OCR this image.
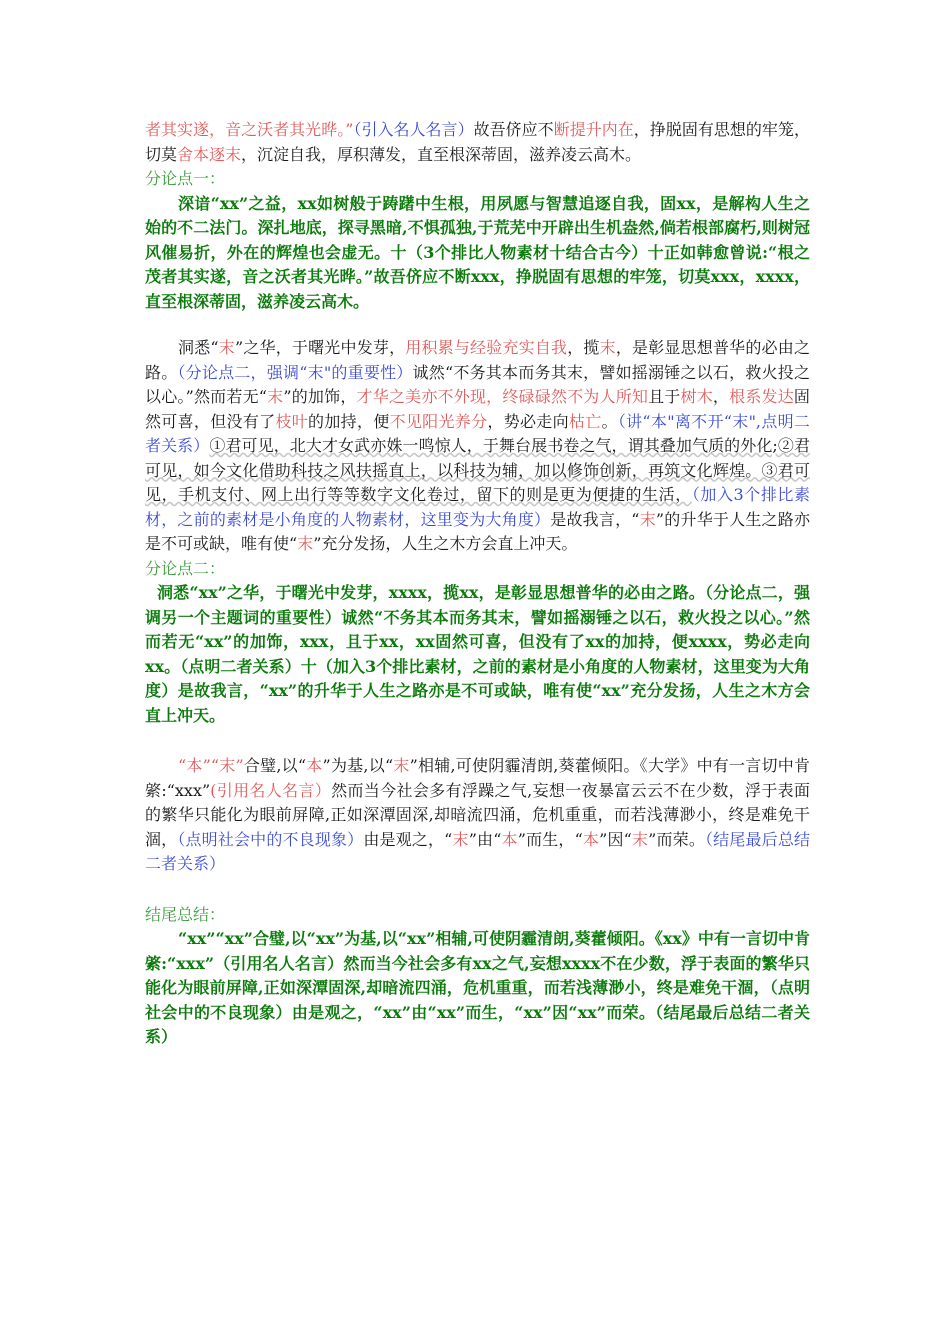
者其实遂，音之沃者其光晔。”（引入名人名言）故吾侪应不断提升内在，挣脱固有思想的牢笼，切莫舍本逐末，沉淀自我，厚积薄发，直至根深蒂固，滋养凌云高木。

分论点一：

深谙“xx”之益，xx如树般于踌躇中生根，用夙愿与智慧追逐自我，固xx，是解构人生之始的不二法门。深扎地底，探寻黑暗,不惧孤独,于荒芜中开辟出生机盎然,倘若根部腐朽,则树冠风催易折，外在的辉煌也会虚无。十（3个排比人物素材十结合古今）十正如韩愈曾说:“根之茂者其实遂，音之沃者其光晔。”故吾侪应不断xxx，挣脱固有思想的牢笼，切莫xxx，xxxx，直至根深蒂固，滋养凌云高木。

洞悉“末”之华，于曙光中发芽，用积累与经验充实自我，揽末，是彰显思想普华的必由之路。（分论点二，强调“末"的重要性）诚然“不务其本而务其末，譬如摇溺锤之以石，救火投之以心。”然而若无“末”的加饰，才华之美亦不外现，终碌碌然不为人所知且于树木，根系发达固然可喜，但没有了枝叶的加持，便不见阳光养分，势必走向枯亡。（讲“本"离不开“末",点明二者关系）①君可见，北大才女武亦姝一鸣惊人，于舞台展书卷之气，谓其叠加气质的外化;②君可见，如今文化借助科技之风扶摇直上，以科技为辅，加以修饰创新，再筑文化辉煌。③君可见，手机支付、网上出行等等数字文化卷过，留下的则是更为便捷的生活，（加入3个排比素材，之前的素材是小角度的人物素材，这里变为大角度）是故我言，“末”的升华于人生之路亦是不可或缺，唯有使“末”充分发扬，人生之木方会直上冲天。

分论点二：

洞悉“xx”之华，于曙光中发芽，xxxx，揽xx，是彰显思想普华的必由之路。（分论点二，强调另一个主题词的重要性）诚然“不务其本而务其末，譬如摇溺锤之以石，救火投之以心。”然而若无“xx”的加饰，xxx，且于xx，xx固然可喜，但没有了xx的加持，便xxxx，势必走向xx。（点明二者关系）十（加入3个排比素材，之前的素材是小角度的人物素材，这里变为大角度）是故我言，“xx”的升华于人生之路亦是不可或缺，唯有使“xx”充分发扬，人生之木方会直上冲天。

“本”“末”合璧,以“本”为基,以“末”相辅,可使阴霾清朗,葵藿倾阳。《大学》中有一言切中肯綮:“xxx”(引用名人名言）然而当今社会多有浮躁之气,妄想一夜暴富云云不在少数，浮于表面的繁华只能化为眼前屏障,正如深潭固深,却暗流四涌，危机重重，而若浅薄渺小，终是难免干涸，（点明社会中的不良现象）由是观之，“末”由“本”而生，“本”因“末”而荣。（结尾最后总结二者关系）

结尾总结：

“xx”“xx”合璧,以“xx”为基,以“xx”相辅,可使阴霾清朗,葵藿倾阳。《xx》中有一言切中肯綮:“xxx”（引用名人名言）然而当今社会多有xx之气,妄想xxxx不在少数，浮于表面的繁华只能化为眼前屏障,正如深潭固深,却暗流四涌，危机重重，而若浅薄渺小，终是难免干涸，（点明社会中的不良现象）由是观之，“xx”由“xx”而生，“xx”因“xx”而荣。（结尾最后总结二者关系）
